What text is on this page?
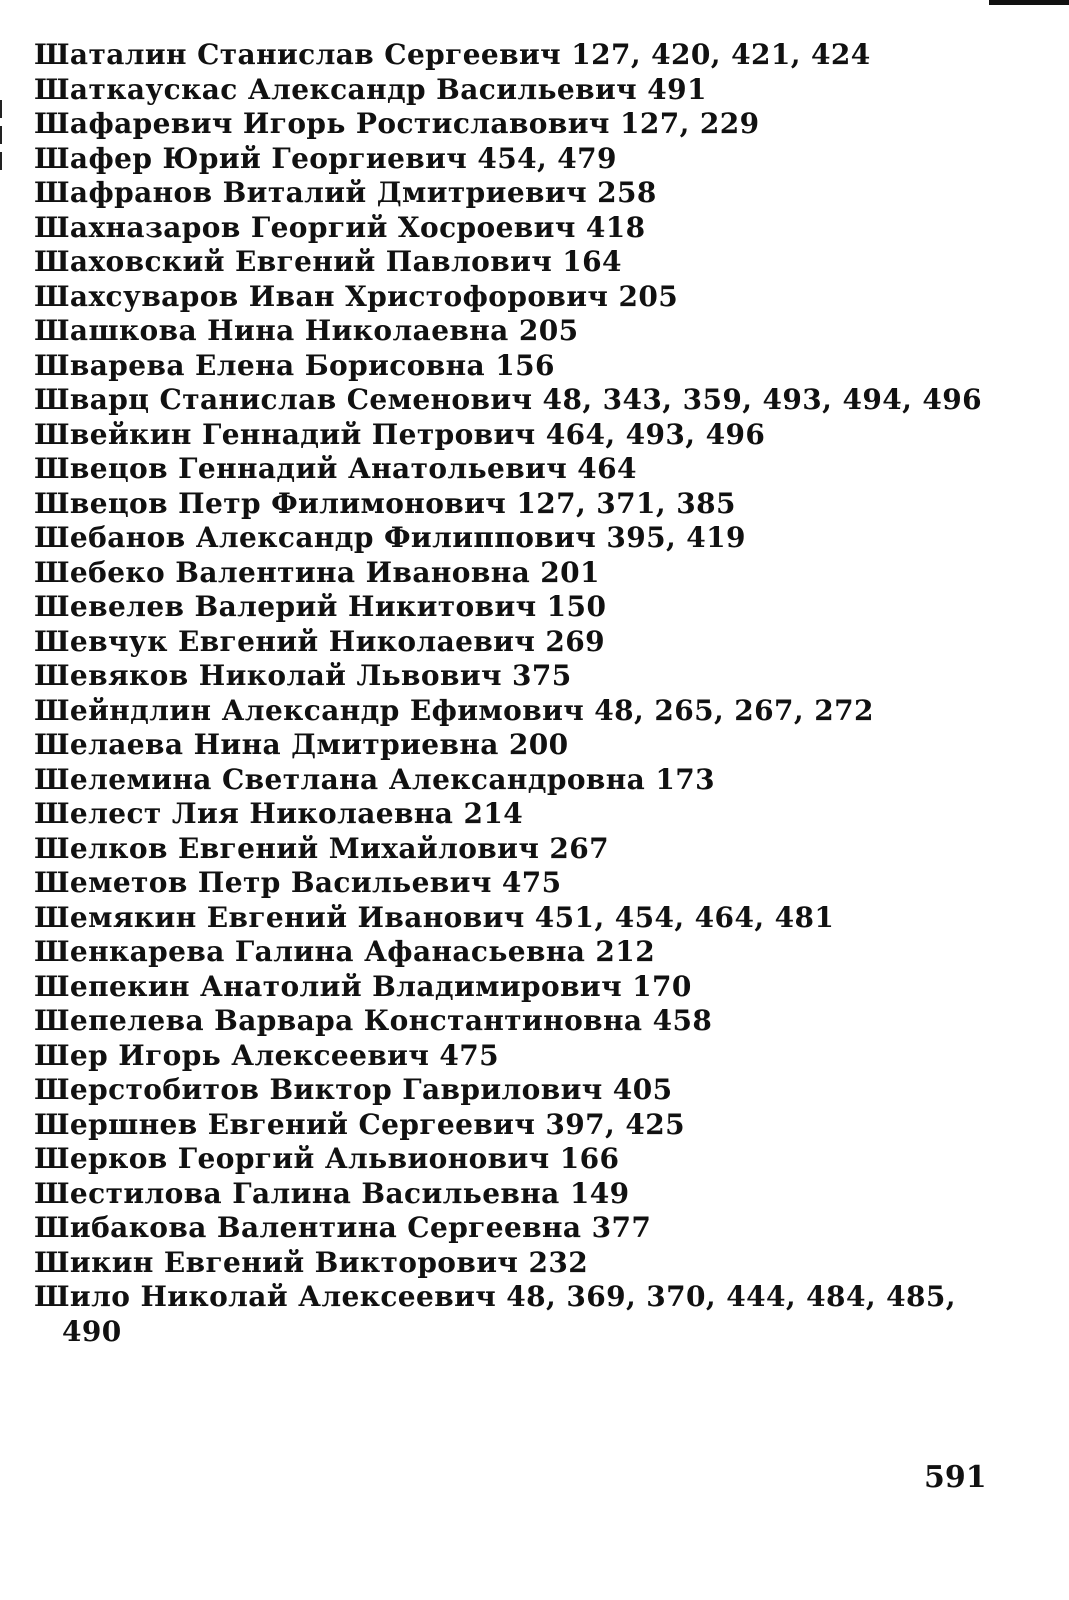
Шаталин Станислав Сергеевич 127, 420, 421, 424
Шаткаускас Александр Васильевич 491
Шафаревич Игорь Ростиславович 127, 229
Шафер Юрий Георгиевич 454, 479
Шафранов Виталий Дмитриевич 258
Шахназаров Георгий Хосроевич 418
Шаховский Евгений Павлович 164
Шахсуваров Иван Христофорович 205
Шашкова Нина Николаевна 205
Шварева Елена Борисовна 156
Шварц Станислав Семенович 48, 343, 359, 493, 494, 496
Швейкин Геннадий Петрович 464, 493, 496
Швецов Геннадий Анатольевич 464
Швецов Петр Филимонович 127, 371, 385
Шебанов Александр Филиппович 395, 419
Шебеко Валентина Ивановна 201
Шевелев Валерий Никитович 150
Шевчук Евгений Николаевич 269
Шевяков Николай Львович 375
Шейндлин Александр Ефимович 48, 265, 267, 272
Шелаева Нина Дмитриевна 200
Шелемина Светлана Александровна 173
Шелест Лия Николаевна 214
Шелков Евгений Михайлович 267
Шеметов Петр Васильевич 475
Шемякин Евгений Иванович 451, 454, 464, 481
Шенкарева Галина Афанасьевна 212
Шепекин Анатолий Владимирович 170
Шепелева Варвара Константиновна 458
Шер Игорь Алексеевич 475
Шерстобитов Виктор Гаврилович 405
Шершнев Евгений Сергеевич 397, 425
Шерков Георгий Альвионович 166
Шестилова Галина Васильевна 149
Шибакова Валентина Сергеевна 377
Шикин Евгений Викторович 232
Шило Николай Алексеевич 48, 369, 370, 444, 484, 485, 490
591
